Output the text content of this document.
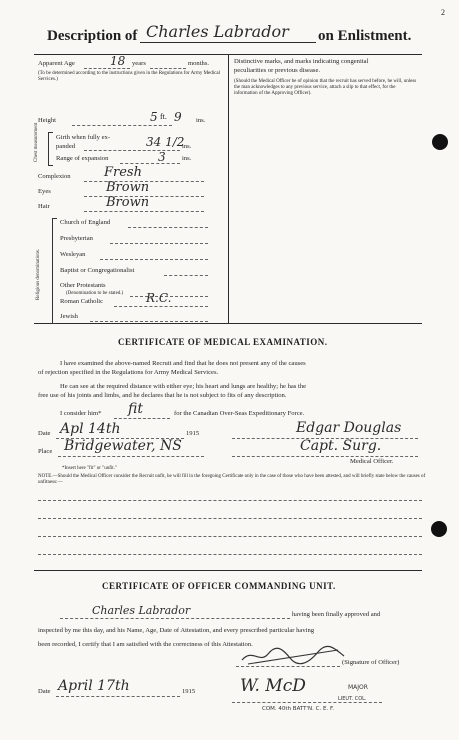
2
Description of Charles Labrador on Enlistment.
Apparent Age	18 years	months.
(To be determined according to the instructions given in the Regulations for Army Medical Services.)
Distinctive marks, and marks indicating congenital
peculiarities or previous disease.
(Should the Medical Officer be of opinion that the recruit has served before, he will, unless the man acknowledges to any previous service, attach a slip to that effect, for the information of the Approving Officer).
Height	5 ft. 9 ins.
Chest measurement	Girth when fully ex-
panded	34 1/2
ins.
Range of expansion	3 ins.
Complexion	Fresh
Eyes	Brown
Hair	Brown
Religious denominations.
Church of England
Presbyterian
Wesleyan
Baptist or Congregationalist
Other Protestants
(Denomination to be stated.)
Roman Catholic	R.C.
Jewish
CERTIFICATE OF MEDICAL EXAMINATION.
I have examined the above-named Recruit and find that he does not present any of the causes
of rejection specified in the Regulations for Army Medical Services.
He can see at the required distance with either eye; his heart and lungs are healthy; he has the
free use of his joints and limbs, and he declares that he is not subject to fits of any description.
I consider him* fit	for the Canadian Over-Seas Expeditionary Force.
Date Apl 14th	1915	Edgar Douglas
Place Bridgewater, NS	Capt. Surg.
Medical Officer.
*Insert here "fit" or "unfit."
NOTE.—Should the Medical Officer consider the Recruit unfit, he will fill in the foregoing Certificate only in the case of those who have been attested, and will briefly state below the causes of unfitness:—
CERTIFICATE OF OFFICER COMMANDING UNIT.
Charles Labrador	having been finally approved and
inspected by me this day, and his Name, Age, Date of Attestation, and every prescribed particular having
been recorded, I certify that I am satisfied with the correctness of this Attestation.
(Signature of Officer)
Date April 17th	1915	W. McD	MAJOR
LIEUT. COL.
COM. 40th BATT'N. C. E. F.
